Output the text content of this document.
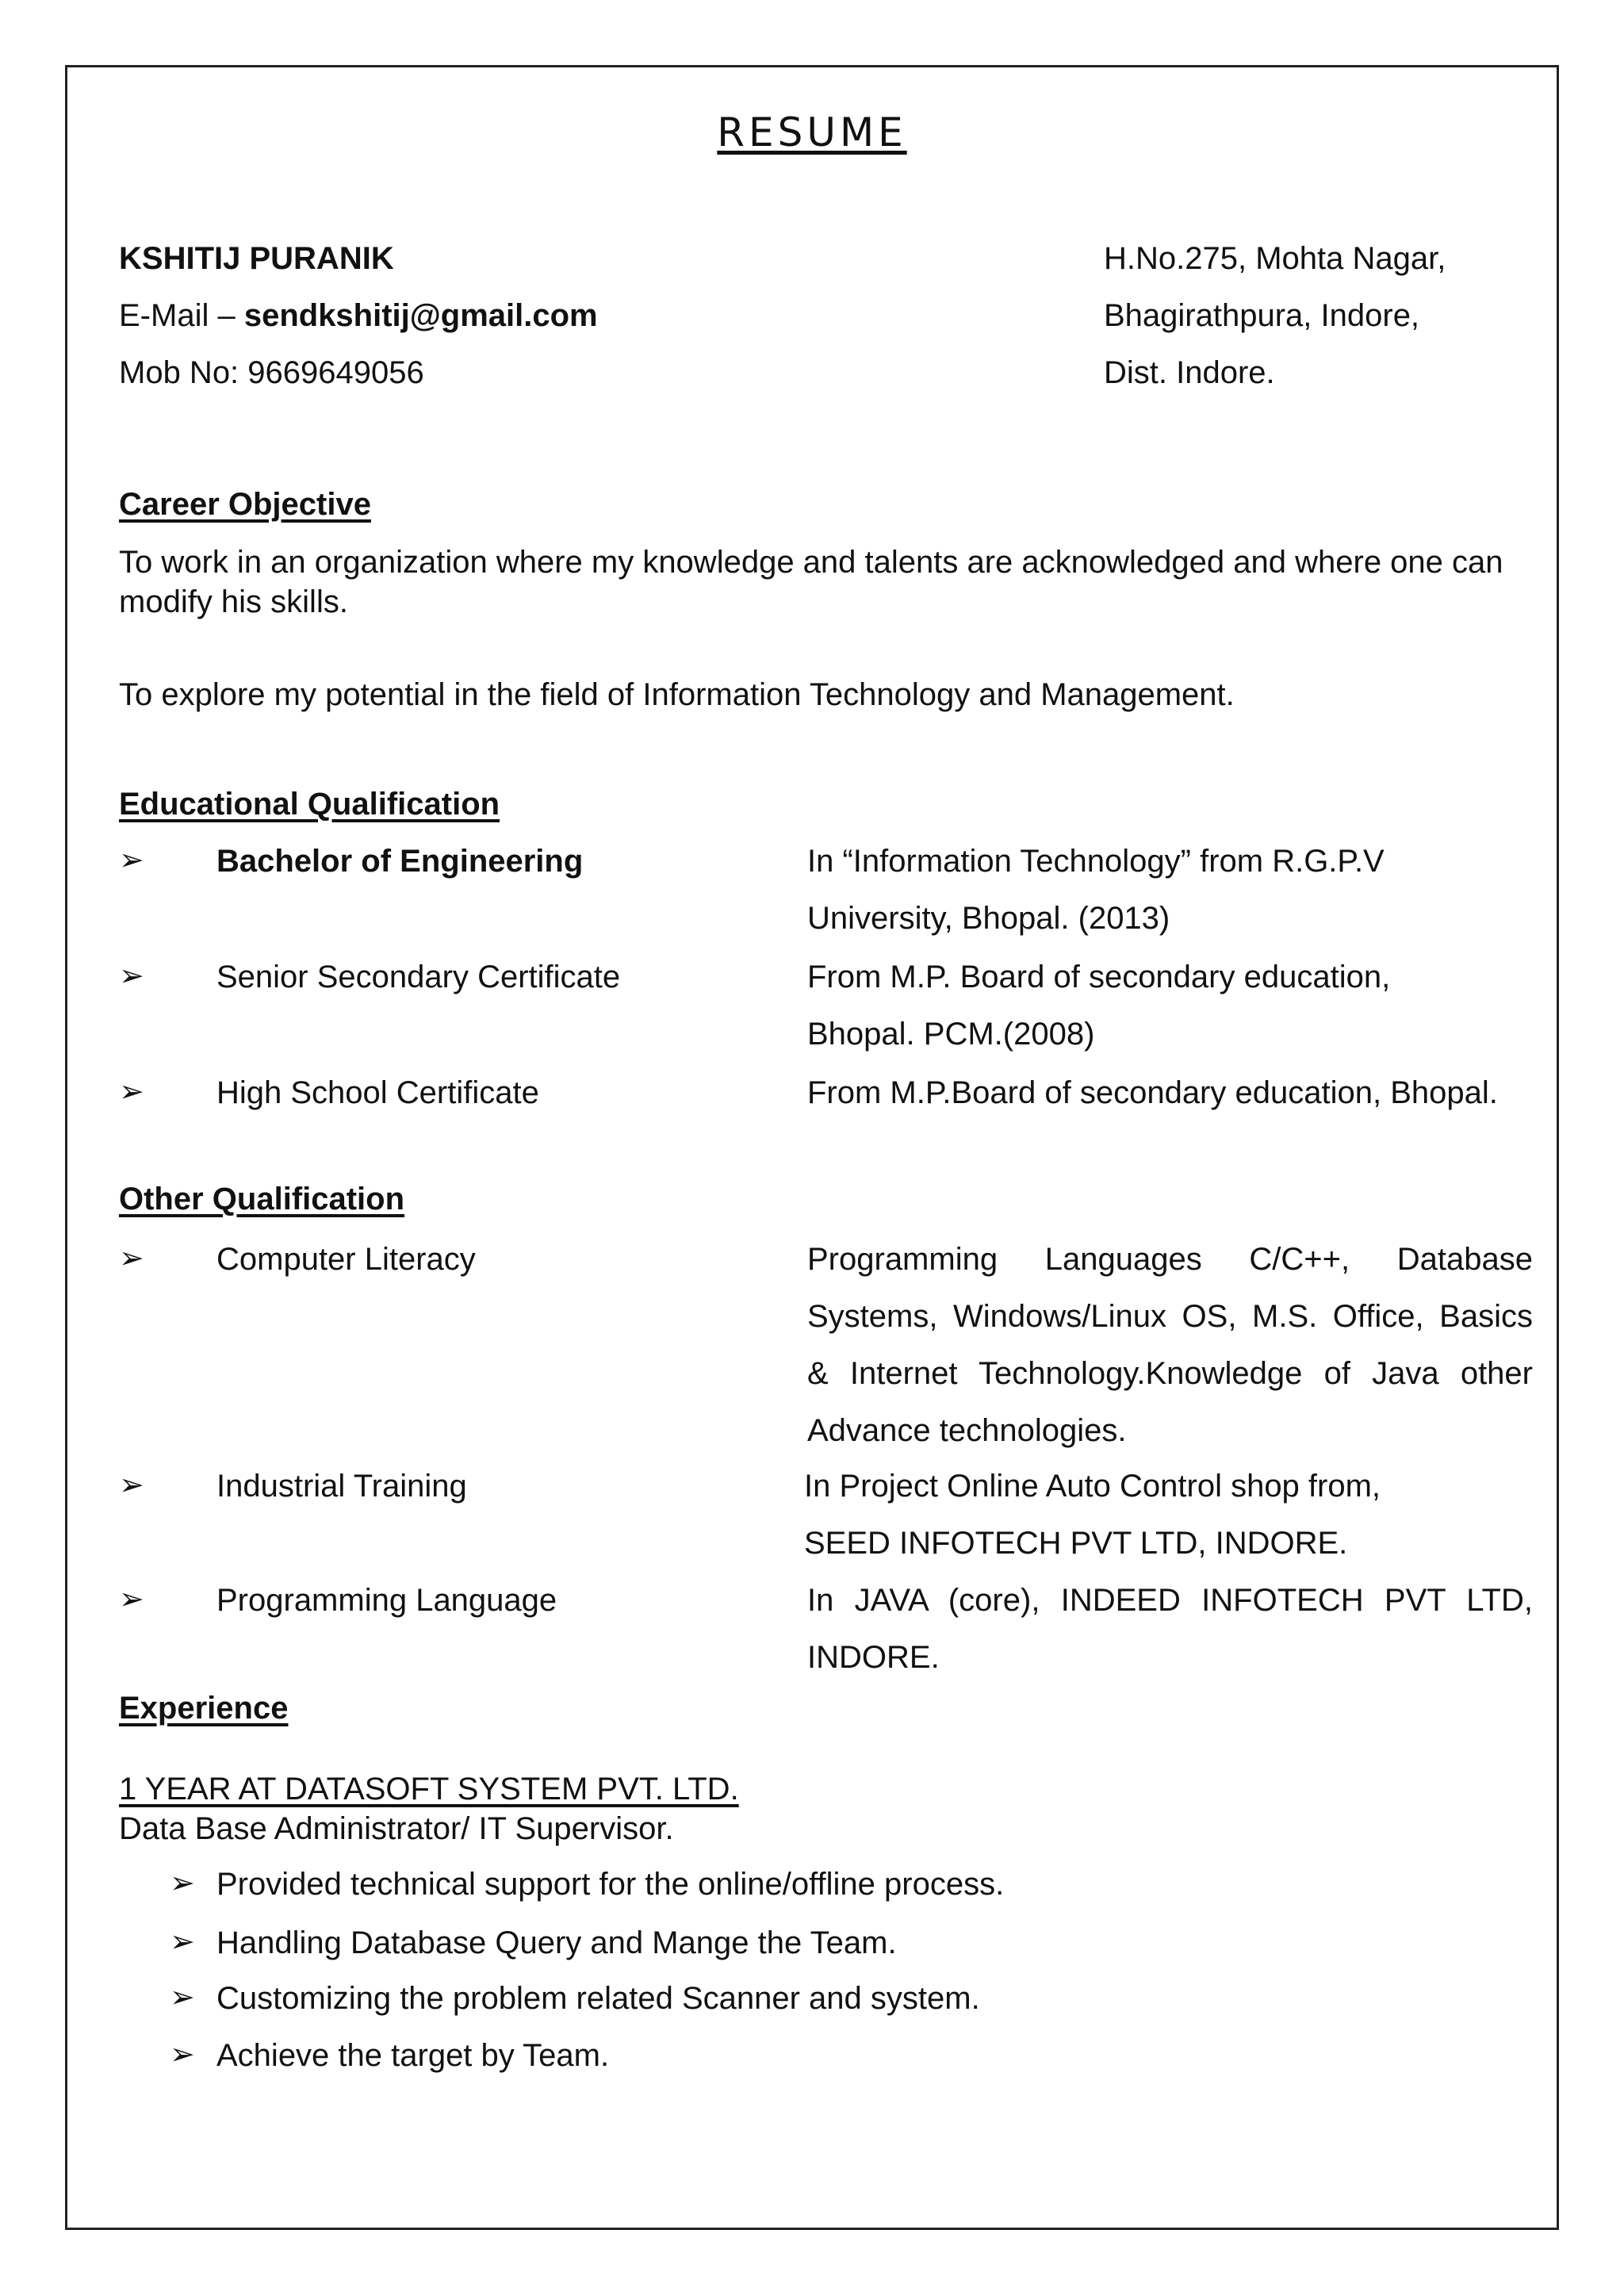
RESUME
KSHITIJ PURANIK
E-Mail – sendkshitij@gmail.com
Mob No: 9669649056
H.No.275, Mohta Nagar,
Bhagirathpura, Indore,
Dist. Indore.
Career Objective
To work in an organization where my knowledge and talents are acknowledged and where one can modify his skills.
To explore my potential in the field of Information Technology and Management.
Educational Qualification
➢ Bachelor of Engineering	In “Information Technology” from R.G.P.V
University, Bhopal. (2013)
➢ Senior Secondary Certificate	From M.P. Board of secondary education,
Bhopal. PCM.(2008)
➢ High School Certificate	From M.P.Board of secondary education, Bhopal.
Other Qualification
➢ Computer Literacy	Programming Languages C/C++, Database
Systems, Windows/Linux OS, M.S. Office, Basics
& Internet Technology.Knowledge of Java other
Advance technologies.
➢ Industrial Training	In Project Online Auto Control shop from,
SEED INFOTECH PVT LTD, INDORE.
➢ Programming Language	In JAVA (core), INDEED INFOTECH PVT LTD,
INDORE.
Experience
1 YEAR AT DATASOFT SYSTEM PVT. LTD.
Data Base Administrator/ IT Supervisor.
➢ Provided technical support for the online/offline process.
➢ Handling Database Query and Mange the Team.
➢ Customizing the problem related Scanner and system.
➢ Achieve the target by Team.
